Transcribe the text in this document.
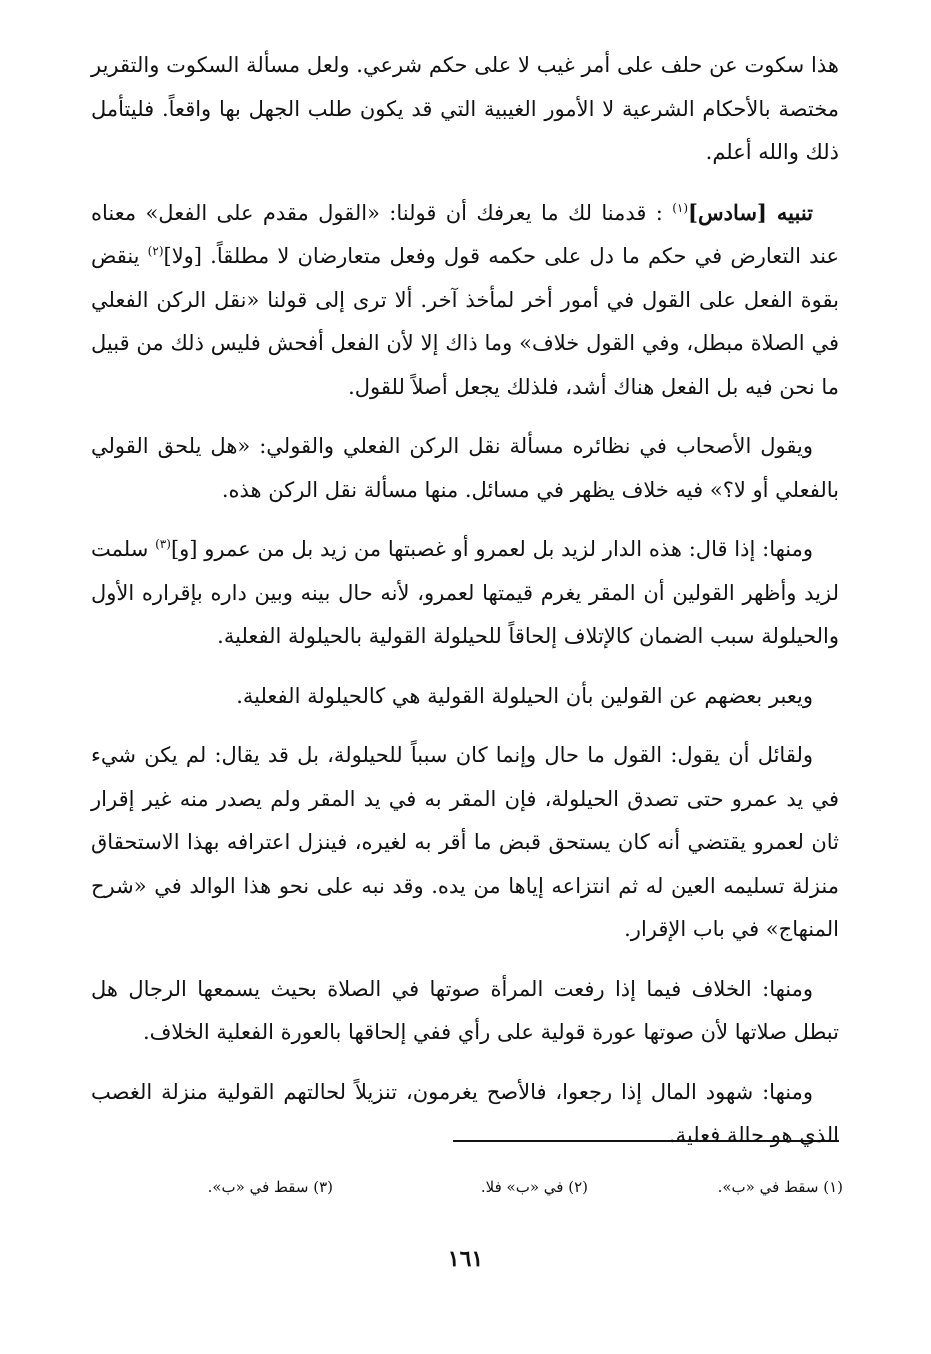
هذا سكوت عن حلف على أمر غيب لا على حكم شرعي. ولعل مسألة السكوت والتقرير مختصة بالأحكام الشرعية لا الأمور الغيبية التي قد يكون طلب الجهل بها واقعاً. فليتأمل ذلك والله أعلم.

تنبيه [سادس]$^{(١)}$ : قدمنا لك ما يعرفك أن قولنا: «القول مقدم على الفعل» معناه عند التعارض في حكم ما دل على حكمه قول وفعل متعارضان لا مطلقاً. [ولا]$^{(٢)}$ ينقض بقوة الفعل على القول في أمور أخر لمأخذ آخر. ألا ترى إلى قولنا «نقل الركن الفعلي في الصلاة مبطل، وفي القول خلاف» وما ذاك إلا لأن الفعل أفحش فليس ذلك من قبيل ما نحن فيه بل الفعل هناك أشد، فلذلك يجعل أصلاً للقول.

ويقول الأصحاب في نظائره مسألة نقل الركن الفعلي والقولي: «هل يلحق القولي بالفعلي أو لا؟» فيه خلاف يظهر في مسائل. منها مسألة نقل الركن هذه.

ومنها: إذا قال: هذه الدار لزيد بل لعمرو أو غصبتها من زيد بل من عمرو [و]$^{(٣)}$ سلمت لزيد وأظهر القولين أن المقر يغرم قيمتها لعمرو، لأنه حال بينه وبين داره بإقراره الأول والحيلولة سبب الضمان كالإتلاف إلحاقاً للحيلولة القولية بالحيلولة الفعلية.

ويعبر بعضهم عن القولين بأن الحيلولة القولية هي كالحيلولة الفعلية.

ولقائل أن يقول: القول ما حال وإنما كان سبباً للحيلولة، بل قد يقال: لم يكن شيء في يد عمرو حتى تصدق الحيلولة، فإن المقر به في يد المقر ولم يصدر منه غير إقرار ثان لعمرو يقتضي أنه كان يستحق قبض ما أقر به لغيره، فينزل اعترافه بهذا الاستحقاق منزلة تسليمه العين له ثم انتزاعه إياها من يده. وقد نبه على نحو هذا الوالد في «شرح المنهاج» في باب الإقرار.

ومنها: الخلاف فيما إذا رفعت المرأة صوتها في الصلاة بحيث يسمعها الرجال هل تبطل صلاتها لأن صوتها عورة قولية على رأي ففي إلحاقها بالعورة الفعلية الخلاف.

ومنها: شهود المال إذا رجعوا، فالأصح يغرمون، تنزيلاً لحالتهم القولية منزلة الغصب الذي هو حالة فعلية.

(١) سقط في «ب».
(٢) في «ب» فلا.
(٣) سقط في «ب».
١٦١
